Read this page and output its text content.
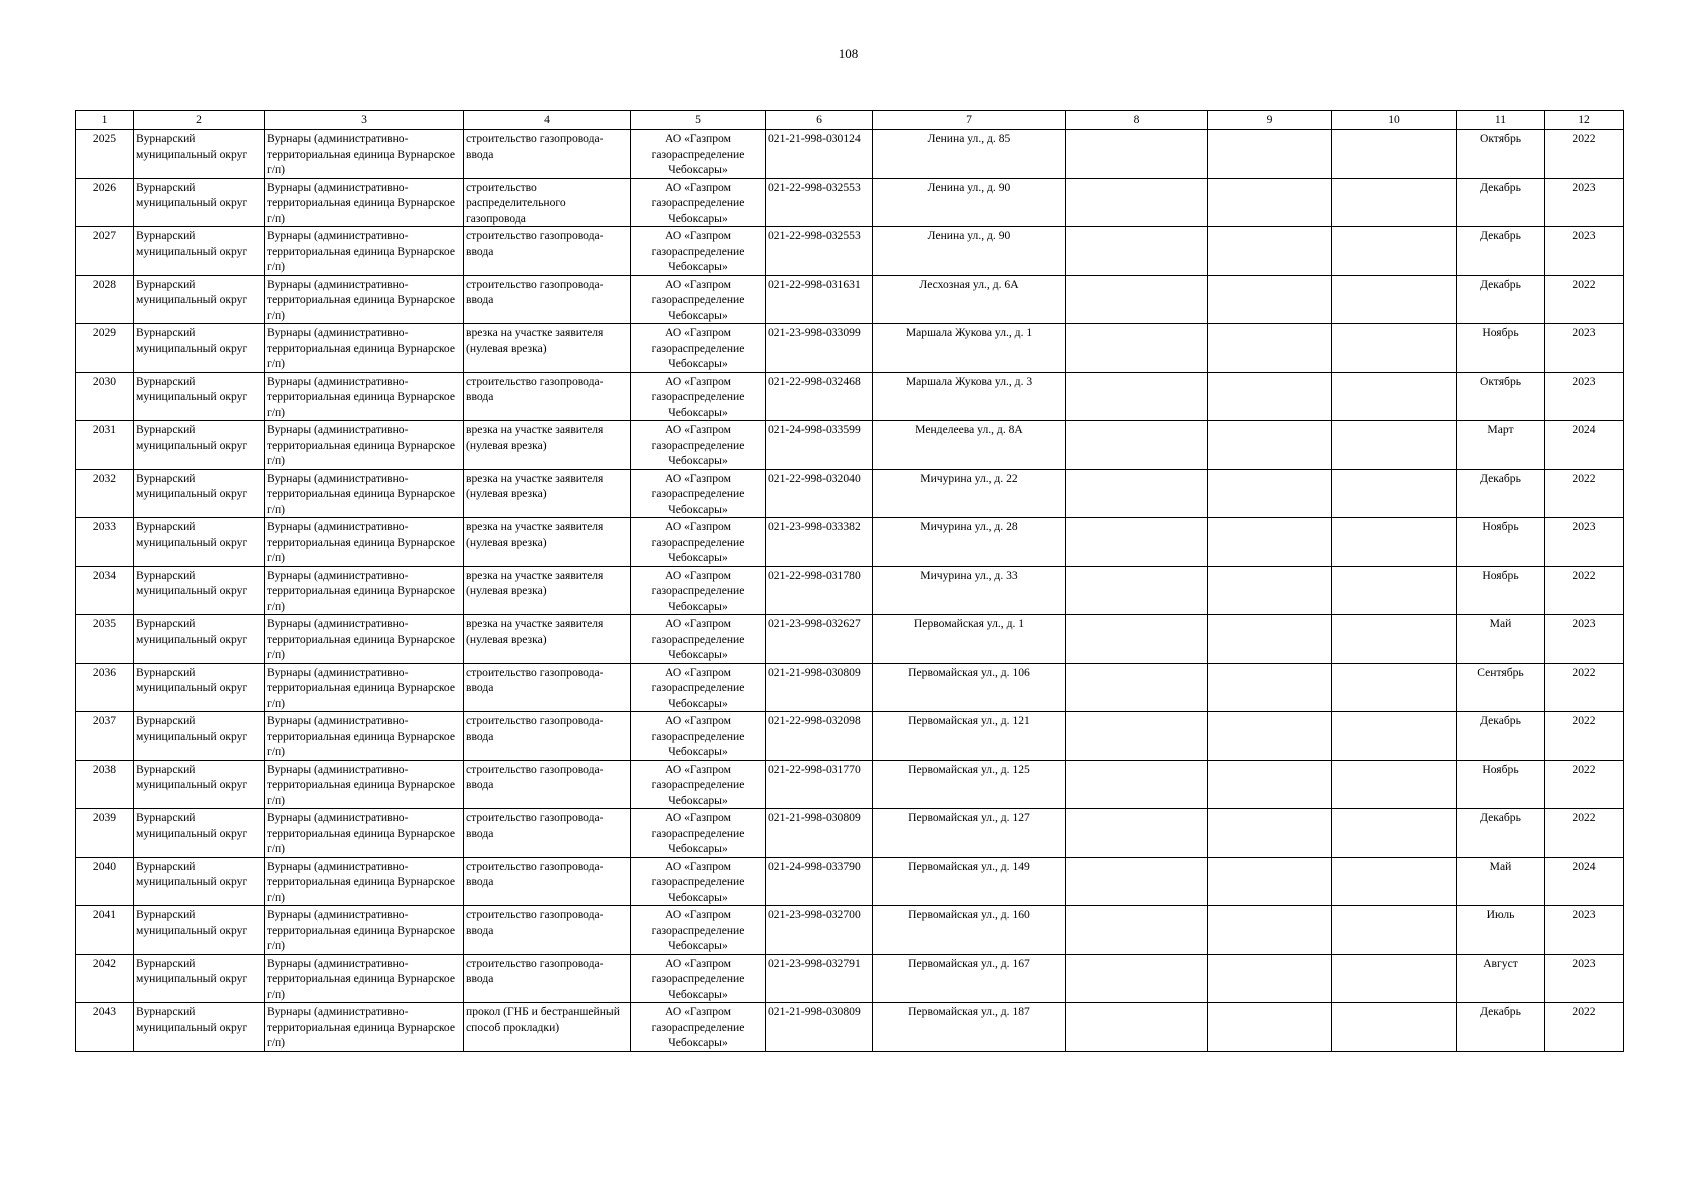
108
1	2	3	4	5	6	7	8	9	10	11	12
2025	Вурнарский муниципальный округ	Вурнары (административно-территориальная единица Вурнарское г/п)	строительство газопровода-ввода	АО «Газпром газораспределение Чебоксары»	021-21-998-030124	Ленина ул., д. 85				Октябрь	2022
2026	Вурнарский муниципальный округ	Вурнары (административно-территориальная единица Вурнарское г/п)	строительство распределительного газопровода	АО «Газпром газораспределение Чебоксары»	021-22-998-032553	Ленина ул., д. 90				Декабрь	2023
2027	Вурнарский муниципальный округ	Вурнары (административно-территориальная единица Вурнарское г/п)	строительство газопровода-ввода	АО «Газпром газораспределение Чебоксары»	021-22-998-032553	Ленина ул., д. 90				Декабрь	2023
2028	Вурнарский муниципальный округ	Вурнары (административно-территориальная единица Вурнарское г/п)	строительство газопровода-ввода	АО «Газпром газораспределение Чебоксары»	021-22-998-031631	Лесхозная ул., д. 6А				Декабрь	2022
2029	Вурнарский муниципальный округ	Вурнары (административно-территориальная единица Вурнарское г/п)	врезка на участке заявителя (нулевая врезка)	АО «Газпром газораспределение Чебоксары»	021-23-998-033099	Маршала Жукова ул., д. 1				Ноябрь	2023
2030	Вурнарский муниципальный округ	Вурнары (административно-территориальная единица Вурнарское г/п)	строительство газопровода-ввода	АО «Газпром газораспределение Чебоксары»	021-22-998-032468	Маршала Жукова ул., д. 3				Октябрь	2023
2031	Вурнарский муниципальный округ	Вурнары (административно-территориальная единица Вурнарское г/п)	врезка на участке заявителя (нулевая врезка)	АО «Газпром газораспределение Чебоксары»	021-24-998-033599	Менделеева ул., д. 8А				Март	2024
2032	Вурнарский муниципальный округ	Вурнары (административно-территориальная единица Вурнарское г/п)	врезка на участке заявителя (нулевая врезка)	АО «Газпром газораспределение Чебоксары»	021-22-998-032040	Мичурина ул., д. 22				Декабрь	2022
2033	Вурнарский муниципальный округ	Вурнары (административно-территориальная единица Вурнарское г/п)	врезка на участке заявителя (нулевая врезка)	АО «Газпром газораспределение Чебоксары»	021-23-998-033382	Мичурина ул., д. 28				Ноябрь	2023
2034	Вурнарский муниципальный округ	Вурнары (административно-территориальная единица Вурнарское г/п)	врезка на участке заявителя (нулевая врезка)	АО «Газпром газораспределение Чебоксары»	021-22-998-031780	Мичурина ул., д. 33				Ноябрь	2022
2035	Вурнарский муниципальный округ	Вурнары (административно-территориальная единица Вурнарское г/п)	врезка на участке заявителя (нулевая врезка)	АО «Газпром газораспределение Чебоксары»	021-23-998-032627	Первомайская ул., д. 1				Май	2023
2036	Вурнарский муниципальный округ	Вурнары (административно-территориальная единица Вурнарское г/п)	строительство газопровода-ввода	АО «Газпром газораспределение Чебоксары»	021-21-998-030809	Первомайская ул., д. 106				Сентябрь	2022
2037	Вурнарский муниципальный округ	Вурнары (административно-территориальная единица Вурнарское г/п)	строительство газопровода-ввода	АО «Газпром газораспределение Чебоксары»	021-22-998-032098	Первомайская ул., д. 121				Декабрь	2022
2038	Вурнарский муниципальный округ	Вурнары (административно-территориальная единица Вурнарское г/п)	строительство газопровода-ввода	АО «Газпром газораспределение Чебоксары»	021-22-998-031770	Первомайская ул., д. 125				Ноябрь	2022
2039	Вурнарский муниципальный округ	Вурнары (административно-территориальная единица Вурнарское г/п)	строительство газопровода-ввода	АО «Газпром газораспределение Чебоксары»	021-21-998-030809	Первомайская ул., д. 127				Декабрь	2022
2040	Вурнарский муниципальный округ	Вурнары (административно-территориальная единица Вурнарское г/п)	строительство газопровода-ввода	АО «Газпром газораспределение Чебоксары»	021-24-998-033790	Первомайская ул., д. 149				Май	2024
2041	Вурнарский муниципальный округ	Вурнары (административно-территориальная единица Вурнарское г/п)	строительство газопровода-ввода	АО «Газпром газораспределение Чебоксары»	021-23-998-032700	Первомайская ул., д. 160				Июль	2023
2042	Вурнарский муниципальный округ	Вурнары (административно-территориальная единица Вурнарское г/п)	строительство газопровода-ввода	АО «Газпром газораспределение Чебоксары»	021-23-998-032791	Первомайская ул., д. 167				Август	2023
2043	Вурнарский муниципальный округ	Вурнары (административно-территориальная единица Вурнарское г/п)	прокол (ГНБ и бестраншейный способ прокладки)	АО «Газпром газораспределение Чебоксары»	021-21-998-030809	Первомайская ул., д. 187				Декабрь	2022
